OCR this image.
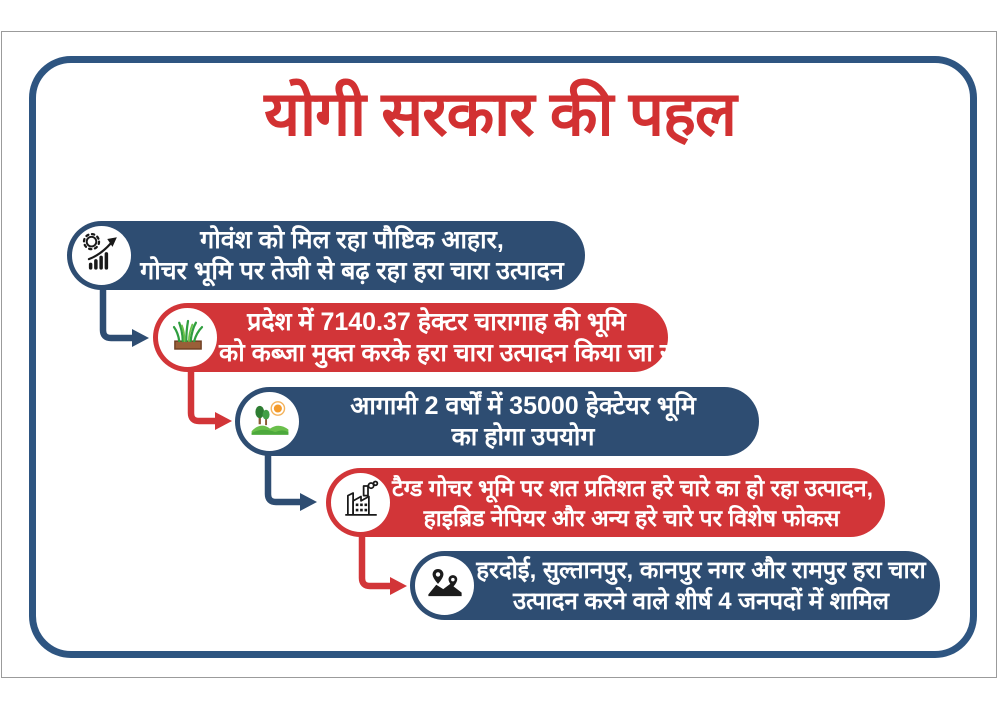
योगी सरकार की पहल
गोवंश को मिल रहा पौष्टिक आहार,
गोचर भूमि पर तेजी से बढ़ रहा हरा चारा उत्पादन
प्रदेश में 7140.37 हेक्टर चारागाह की भूमि
को कब्जा मुक्त करके हरा चारा उत्पादन किया जा रहा
आगामी 2 वर्षों में 35000 हेक्टेयर भूमि
का होगा उपयोग
टैग्ड गोचर भूमि पर शत प्रतिशत हरे चारे का हो रहा उत्पादन,
हाइब्रिड नेपियर और अन्य हरे चारे पर विशेष फोकस
हरदोई, सुल्तानपुर, कानपुर नगर और रामपुर हरा चारा
उत्पादन करने वाले शीर्ष 4 जनपदों में शामिल
